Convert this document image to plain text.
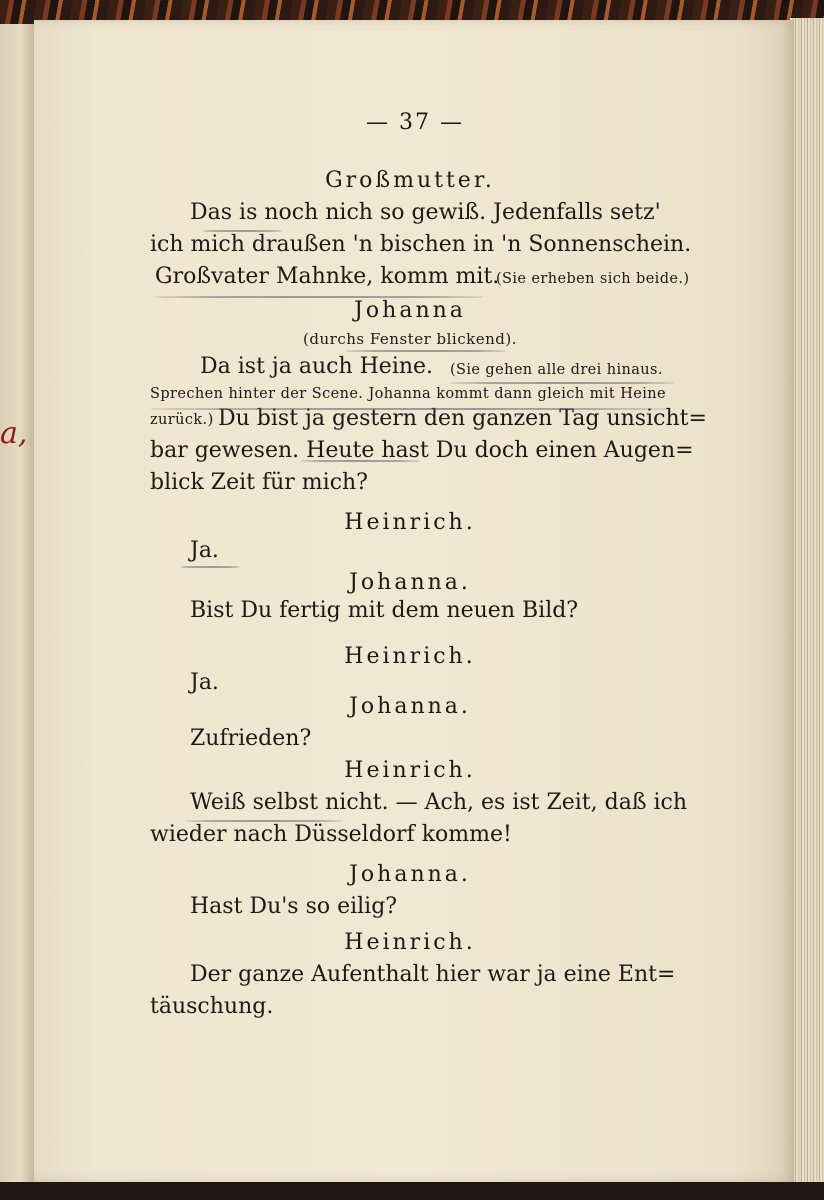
a,
— 37 —
Großmutter.
Das is noch nich so gewiß. Jedenfalls setz'
ich mich draußen 'n bischen in 'n Sonnenschein.
Großvater Mahnke, komm mit.
(Sie erheben sich beide.)
Johanna
(durchs Fenster blickend).
Da ist ja auch Heine. (Sie gehen alle drei hinaus.
Sprechen hinter der Scene. Johanna kommt dann gleich mit Heine
zurück.) Du bist ja gestern den ganzen Tag unsicht=
bar gewesen. Heute hast Du doch einen Augen=
blick Zeit für mich?
Heinrich.
Ja.
Johanna.
Bist Du fertig mit dem neuen Bild?
Heinrich.
Ja.
Johanna.
Zufrieden?
Heinrich.
Weiß selbst nicht. — Ach, es ist Zeit, daß ich
wieder nach Düsseldorf komme!
Johanna.
Hast Du's so eilig?
Heinrich.
Der ganze Aufenthalt hier war ja eine Ent=
täuschung.
